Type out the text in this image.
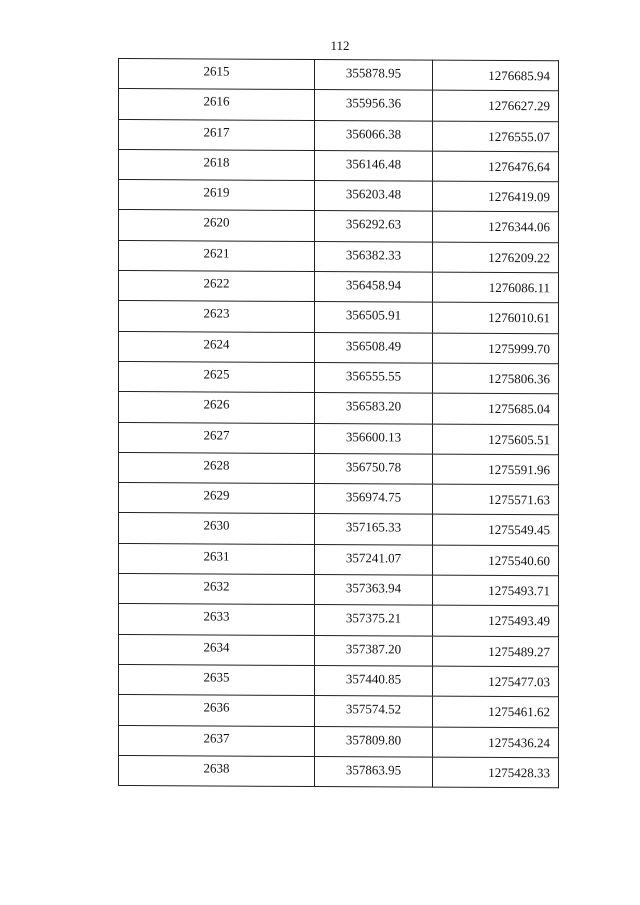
112
2615	355878.95	1276685.94
2616	355956.36	1276627.29
2617	356066.38	1276555.07
2618	356146.48	1276476.64
2619	356203.48	1276419.09
2620	356292.63	1276344.06
2621	356382.33	1276209.22
2622	356458.94	1276086.11
2623	356505.91	1276010.61
2624	356508.49	1275999.70
2625	356555.55	1275806.36
2626	356583.20	1275685.04
2627	356600.13	1275605.51
2628	356750.78	1275591.96
2629	356974.75	1275571.63
2630	357165.33	1275549.45
2631	357241.07	1275540.60
2632	357363.94	1275493.71
2633	357375.21	1275493.49
2634	357387.20	1275489.27
2635	357440.85	1275477.03
2636	357574.52	1275461.62
2637	357809.80	1275436.24
2638	357863.95	1275428.33
